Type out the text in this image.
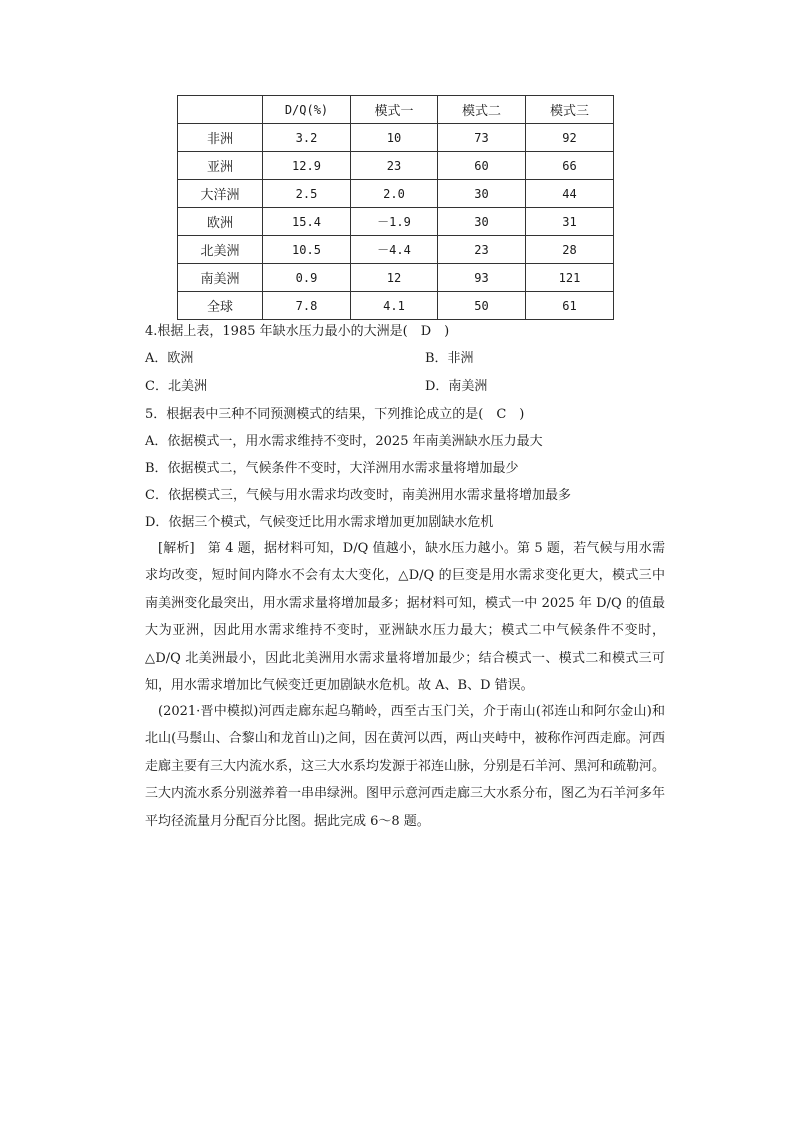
	D/Q(%)	模式一	模式二	模式三
非洲	3.2	10	73	92
亚洲	12.9	23	60	66
大洋洲	2.5	2.0	30	44
欧洲	15.4	－1.9	30	31
北美洲	10.5	－4.4	23	28
南美洲	0.9	12	93	121
全球	7.8	4.1	50	61
4.根据上表，1985 年缺水压力最小的大洲是(　D　)
A．欧洲	B．非洲
C．北美洲	D．南美洲
5．根据表中三种不同预测模式的结果，下列推论成立的是(　C　)
A．依据模式一，用水需求维持不变时，2025 年南美洲缺水压力最大
B．依据模式二，气候条件不变时，大洋洲用水需求量将增加最少
C．依据模式三，气候与用水需求均改变时，南美洲用水需求量将增加最多
D．依据三个模式，气候变迁比用水需求增加更加剧缺水危机
[解析]　第 4 题，据材料可知，D/Q 值越小，缺水压力越小。第 5 题，若气候与用水需求均改变，短时间内降水不会有太大变化，△D/Q 的巨变是用水需求变化更大，模式三中南美洲变化最突出，用水需求量将增加最多；据材料可知，模式一中 2025 年 D/Q 的值最大为亚洲，因此用水需求维持不变时，亚洲缺水压力最大；模式二中气候条件不变时，△D/Q 北美洲最小，因此北美洲用水需求量将增加最少；结合模式一、模式二和模式三可知，用水需求增加比气候变迁更加剧缺水危机。故 A、B、D 错误。
(2021·晋中模拟)河西走廊东起乌鞘岭，西至古玉门关，介于南山(祁连山和阿尔金山)和北山(马鬃山、合黎山和龙首山)之间，因在黄河以西，两山夹峙中，被称作河西走廊。河西走廊主要有三大内流水系，这三大水系均发源于祁连山脉，分别是石羊河、黑河和疏勒河。三大内流水系分别滋养着一串串绿洲。图甲示意河西走廊三大水系分布，图乙为石羊河多年平均径流量月分配百分比图。据此完成 6～8 题。
